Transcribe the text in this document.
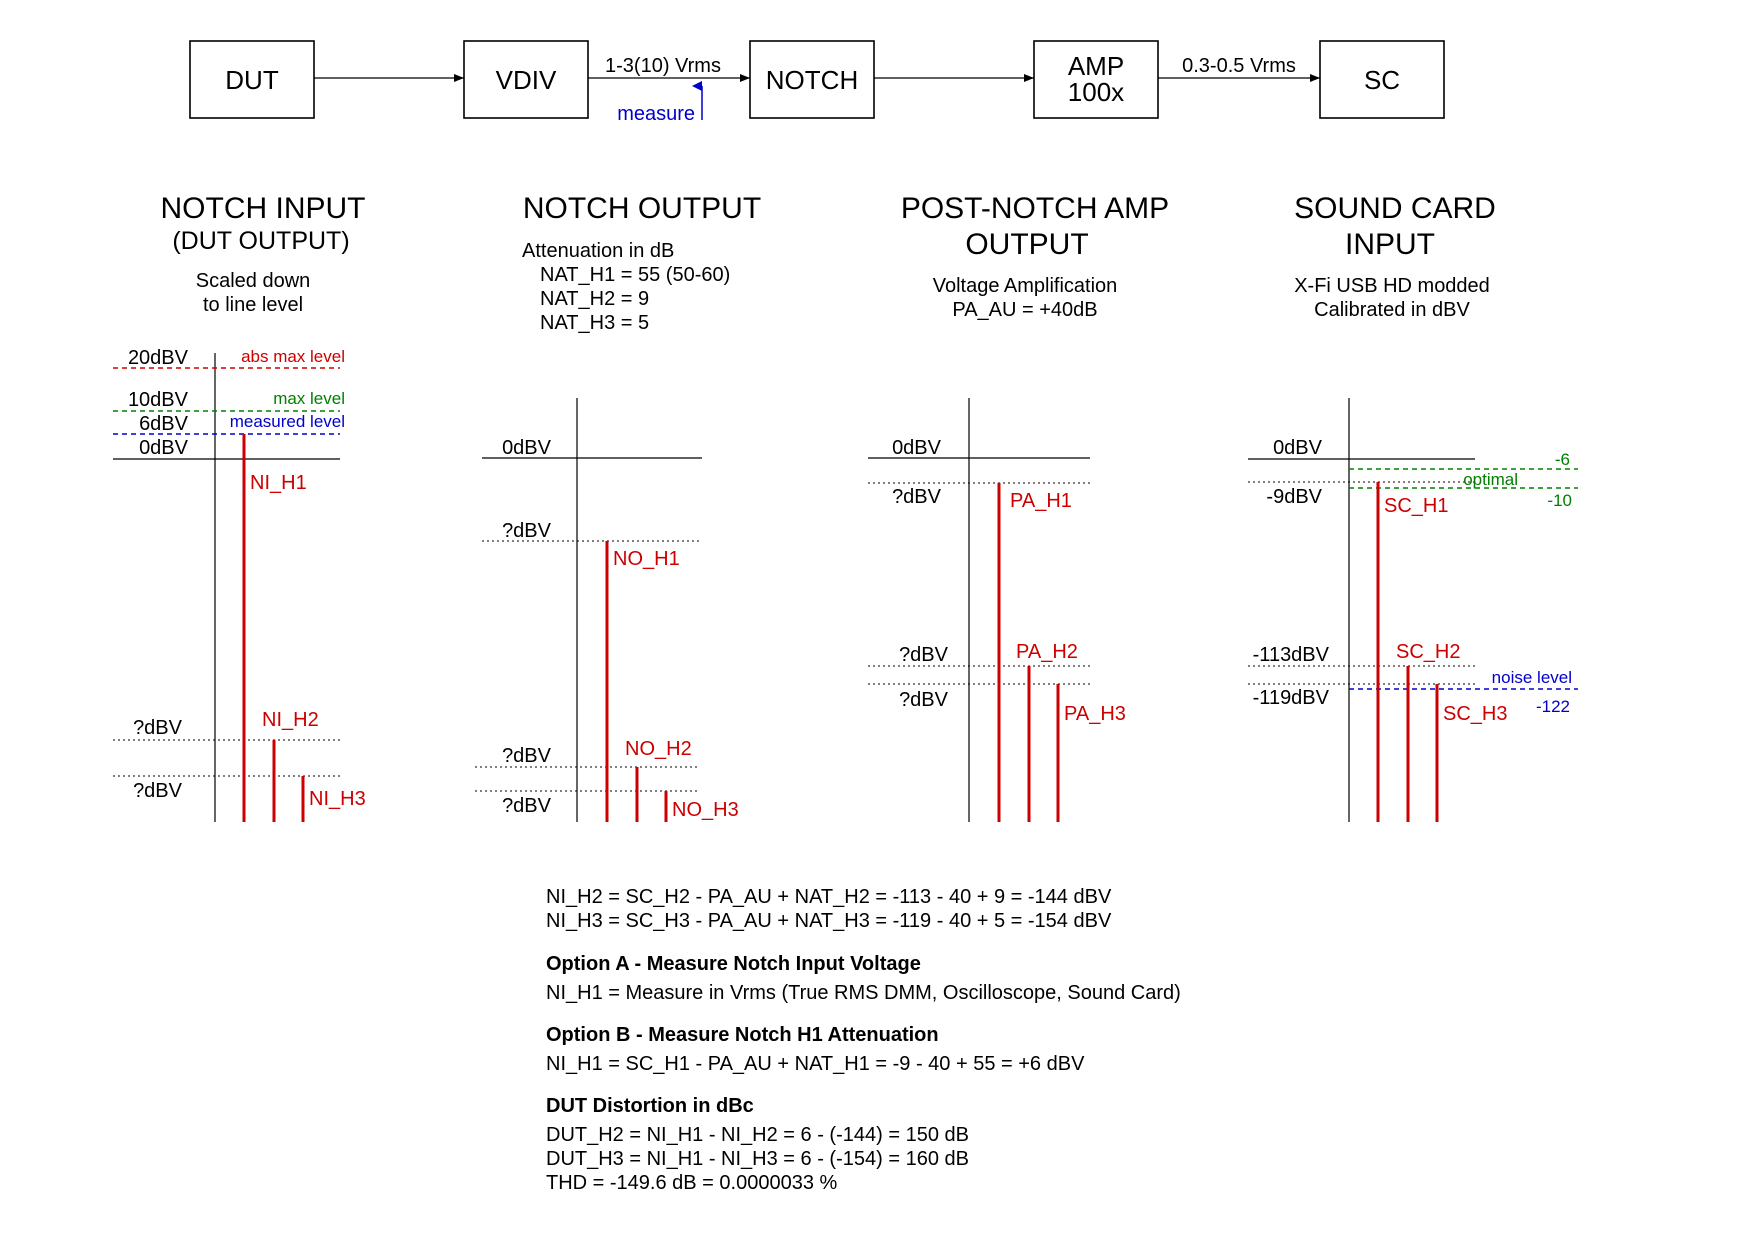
DUT	VDIV	NOTCH	AMP
100x	SC
1-3(10) Vrms
measure
0.3-0.5 Vrms
NOTCH INPUT
(DUT OUTPUT)
Scaled down
to line level
20dBV
10dBV
6dBV
0dBV
?dBV
?dBV
abs max level
max level
measured level
NI_H1
NI_H2
NI_H3
NOTCH OUTPUT
Attenuation in dB
NAT_H1 = 55 (50-60)
NAT_H2 = 9
NAT_H3 = 5
0dBV
?dBV
?dBV
?dBV
NO_H1
NO_H2
NO_H3
POST-NOTCH AMP
OUTPUT
Voltage Amplification
PA_AU = +40dB
0dBV
?dBV
?dBV
?dBV
PA_H1
PA_H2
PA_H3
SOUND CARD
INPUT
X-Fi USB HD modded
Calibrated in dBV
0dBV
-9dBV
-113dBV
-119dBV
-6
optimal
-10
noise level
-122
SC_H1
SC_H2
SC_H3
NI_H2 = SC_H2 - PA_AU + NAT_H2 = -113 - 40 + 9 = -144 dBV
NI_H3 = SC_H3 - PA_AU + NAT_H3 = -119 - 40 + 5 = -154 dBV
Option A - Measure Notch Input Voltage
NI_H1 = Measure in Vrms (True RMS DMM, Oscilloscope, Sound Card)
Option B - Measure Notch H1 Attenuation
NI_H1 = SC_H1 - PA_AU + NAT_H1 = -9 - 40 + 55 = +6 dBV
DUT Distortion in dBc
DUT_H2 = NI_H1 - NI_H2 = 6 - (-144) = 150 dB
DUT_H3 = NI_H1 - NI_H3 = 6 - (-154) = 160 dB
THD = -149.6 dB = 0.0000033 %
